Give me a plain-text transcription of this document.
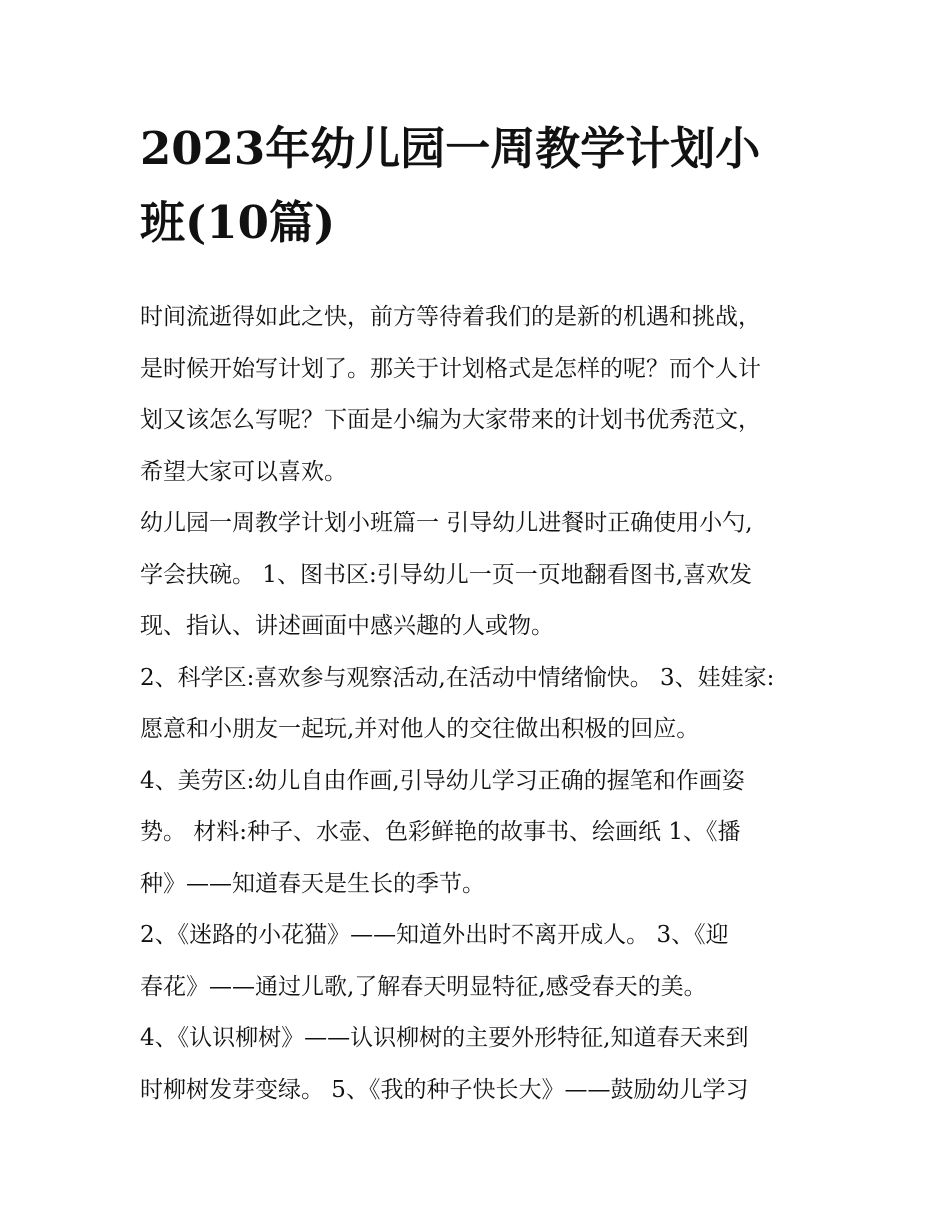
2023年幼儿园一周教学计划小
班(10篇)

时间流逝得如此之快，前方等待着我们的是新的机遇和挑战，
是时候开始写计划了。那关于计划格式是怎样的呢？而个人计
划又该怎么写呢？下面是小编为大家带来的计划书优秀范文，
希望大家可以喜欢。

幼儿园一周教学计划小班篇一 引导幼儿进餐时正确使用小勺,
学会扶碗。 1、图书区:引导幼儿一页一页地翻看图书,喜欢发
现、指认、讲述画面中感兴趣的人或物。

2、科学区:喜欢参与观察活动,在活动中情绪愉快。 3、娃娃家:
愿意和小朋友一起玩,并对他人的交往做出积极的回应。

4、美劳区:幼儿自由作画,引导幼儿学习正确的握笔和作画姿
势。 材料:种子、水壶、色彩鲜艳的故事书、绘画纸 1、《播
种》——知道春天是生长的季节。

2、《迷路的小花猫》——知道外出时不离开成人。 3、《迎
春花》——通过儿歌,了解春天明显特征,感受春天的美。

4、《认识柳树》——认识柳树的主要外形特征,知道春天来到
时柳树发芽变绿。 5、《我的种子快长大》——鼓励幼儿学习
